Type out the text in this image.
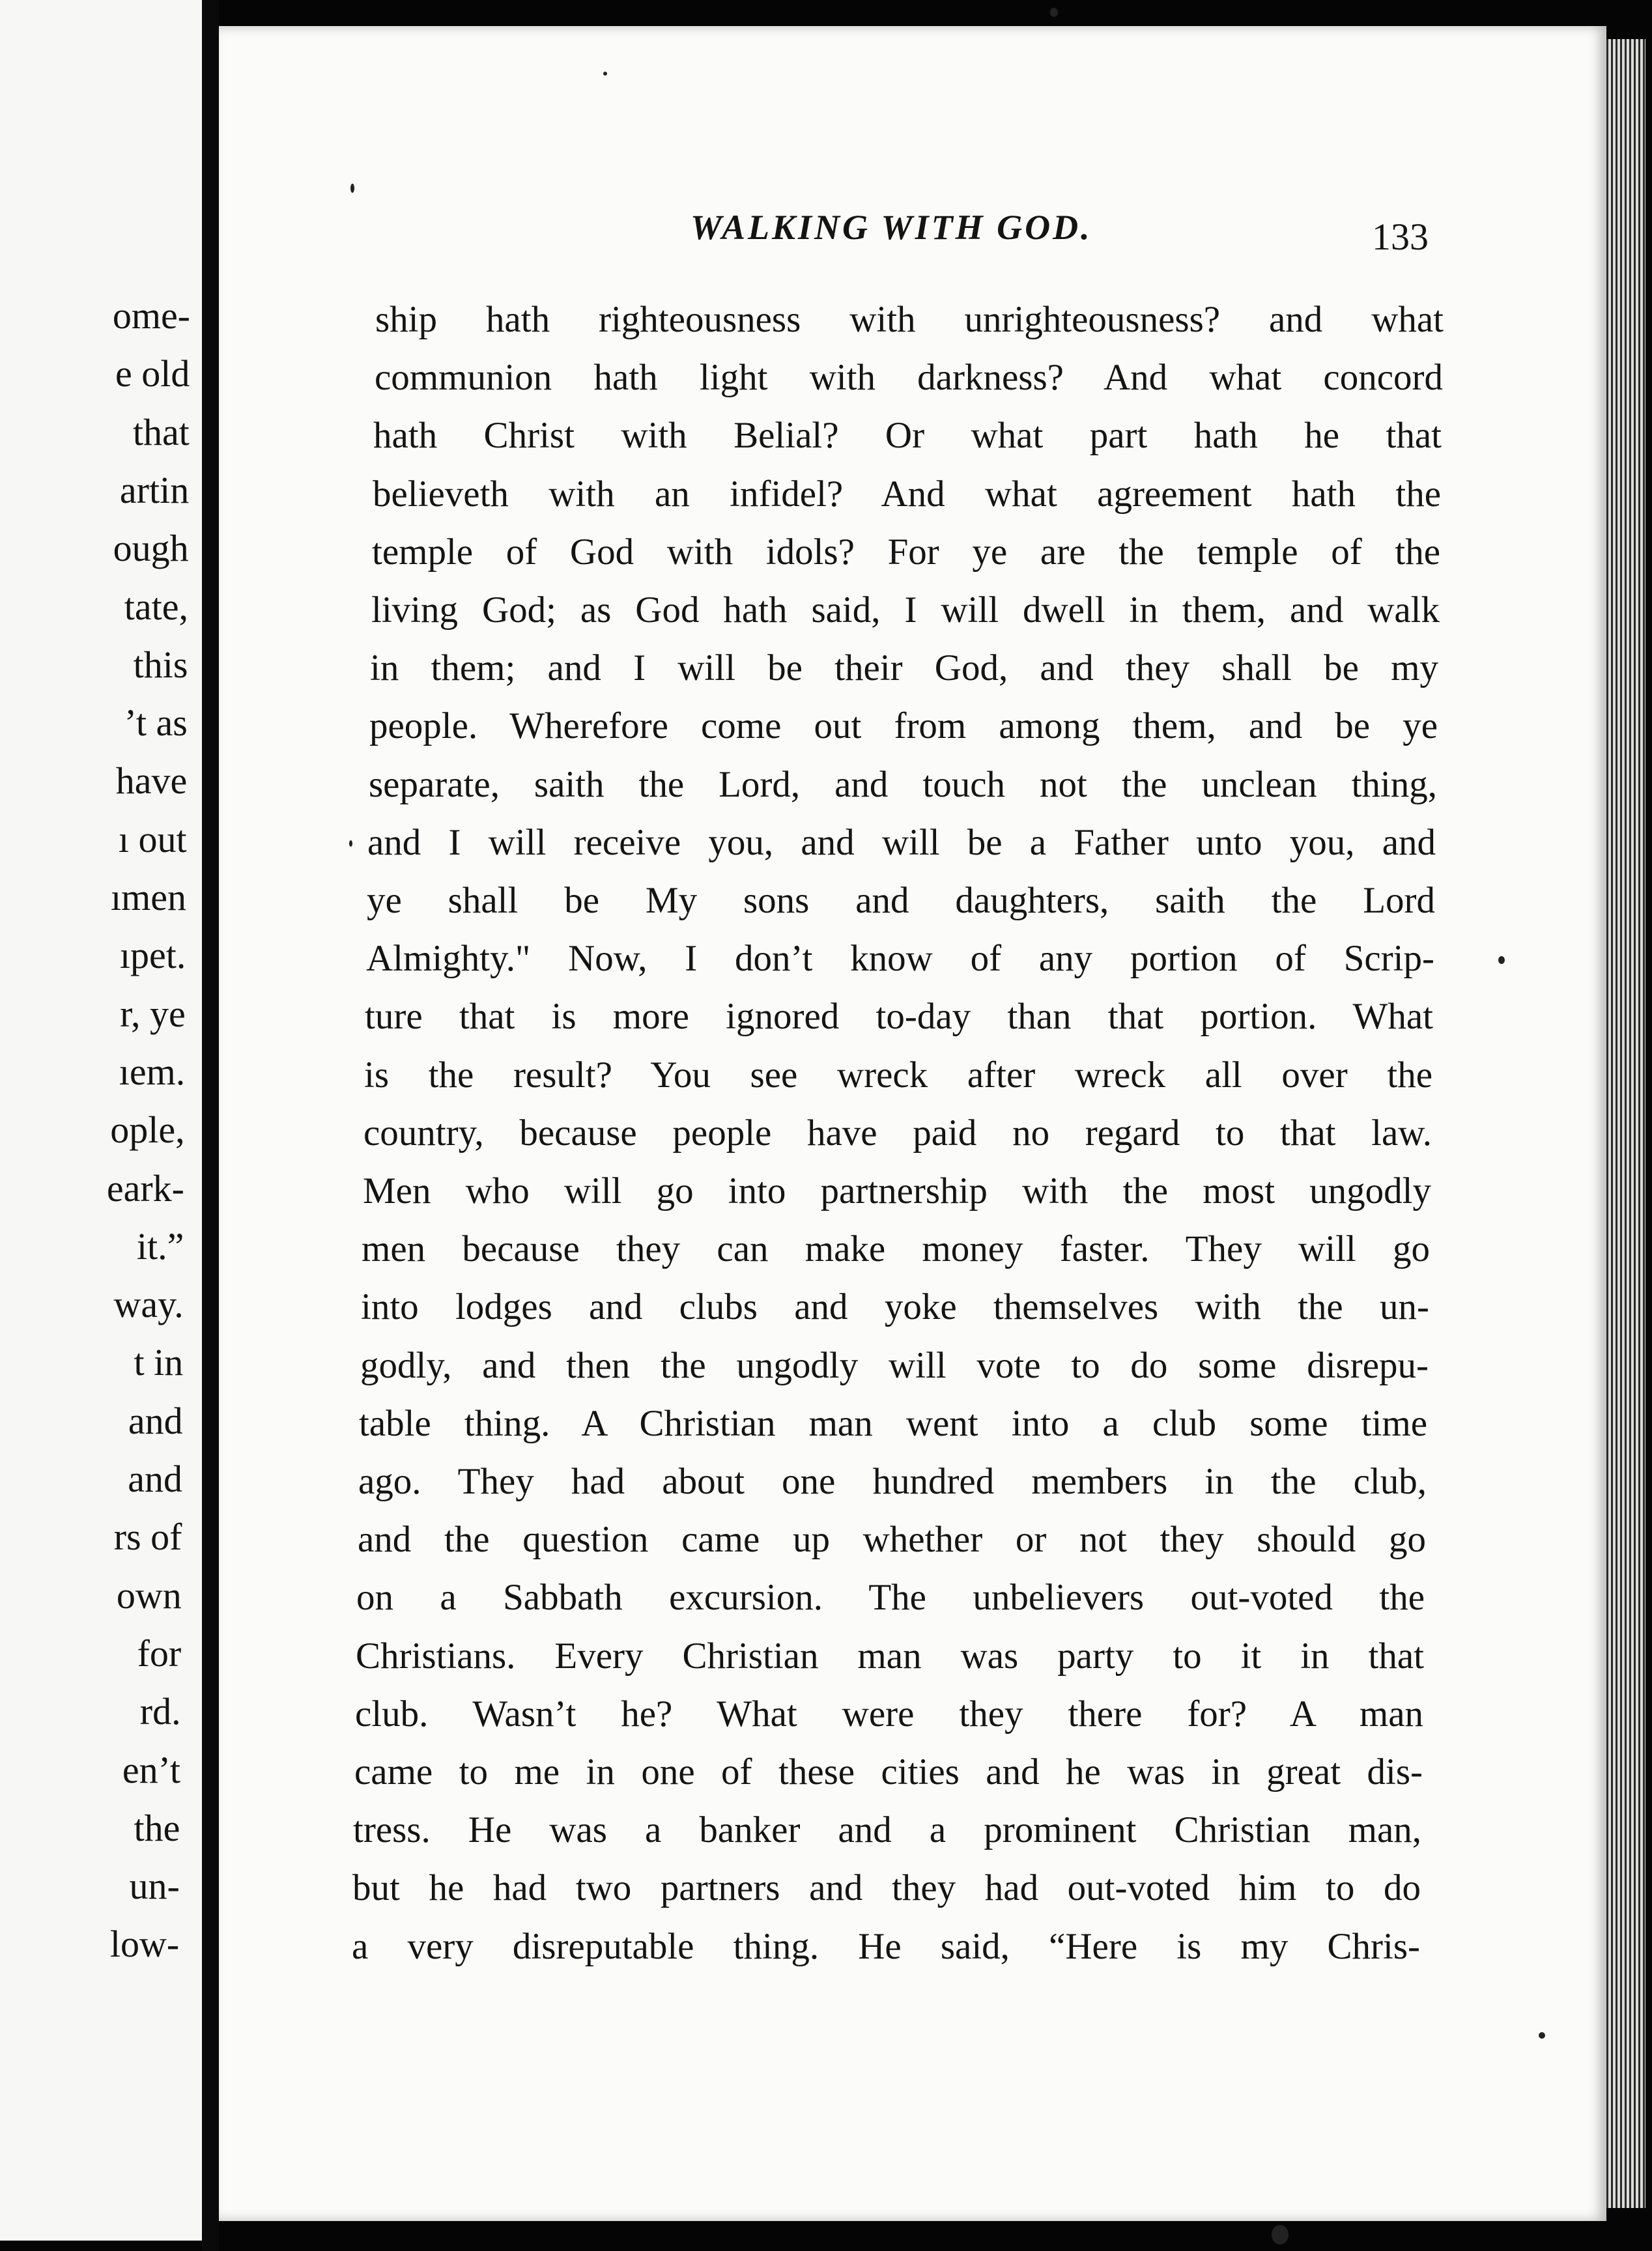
ome-
e old
that
artin
ough
tate,
this
’t as
have
ı out
ımen
ıpet.
r, ye
ıem.
ople,
eark-
it.”
way.
t in
and
and
rs of
own
for
rd.
en’t
the
un-
low-
WALKING WITH GOD.	133
ship hath righteousness with unrighteousness? and what
communion hath light with darkness? And what concord
hath Christ with Belial? Or what part hath he that
believeth with an infidel? And what agreement hath the
temple of God with idols? For ye are the temple of the
living God; as God hath said, I will dwell in them, and walk
in them; and I will be their God, and they shall be my
people. Wherefore come out from among them, and be ye
separate, saith the Lord, and touch not the unclean thing,
and I will receive you, and will be a Father unto you, and
ye shall be My sons and daughters, saith the Lord
Almighty." Now, I don’t know of any portion of Scrip-
ture that is more ignored to-day than that portion. What
is the result? You see wreck after wreck all over the
country, because people have paid no regard to that law.
Men who will go into partnership with the most ungodly
men because they can make money faster. They will go
into lodges and clubs and yoke themselves with the un-
godly, and then the ungodly will vote to do some disrepu-
table thing. A Christian man went into a club some time
ago. They had about one hundred members in the club,
and the question came up whether or not they should go
on a Sabbath excursion. The unbelievers out-voted the
Christians. Every Christian man was party to it in that
club. Wasn’t he? What were they there for? A man
came to me in one of these cities and he was in great dis-
tress. He was a banker and a prominent Christian man,
but he had two partners and they had out-voted him to do
a very disreputable thing. He said, “Here is my Chris-
